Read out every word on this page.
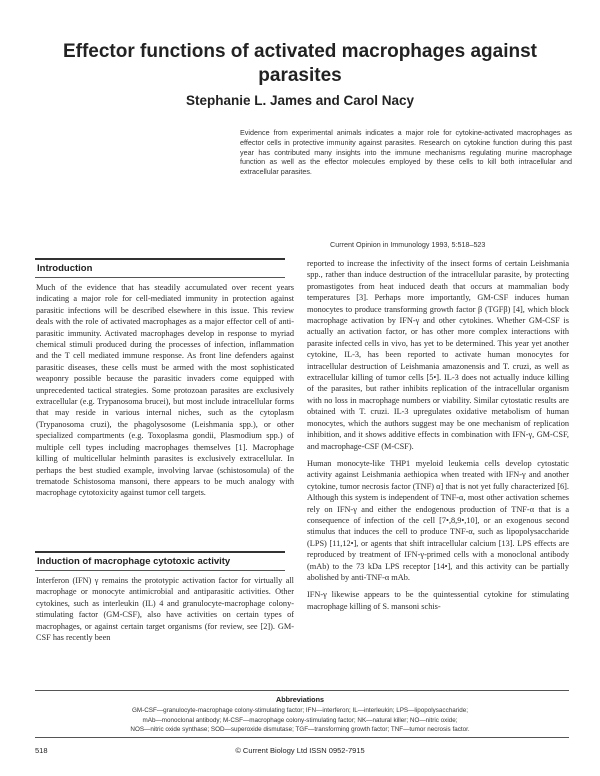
Effector functions of activated macrophages against parasites

Stephanie L. James and Carol Nacy

Evidence from experimental animals indicates a major role for cytokine-activated macrophages as effector cells in protective immunity against parasites. Research on cytokine function during this past year has contributed many insights into the immune mechanisms regulating murine macrophage function as well as the effector molecules employed by these cells to kill both intracellular and extracellular parasites.

Current Opinion in Immunology 1993, 5:518–523
Introduction

Much of the evidence that has steadily accumulated over recent years indicating a major role for cell-mediated immunity in protection against parasitic infections will be described elsewhere in this issue. This review deals with the role of activated macrophages as a major effector cell of anti-parasitic immunity. Activated macrophages develop in response to myriad chemical stimuli produced during the processes of infection, inflammation and the T cell mediated immune response. As front line defenders against parasitic diseases, these cells must be armed with the most sophisticated weaponry possible because the parasitic invaders come equipped with unprecedented tactical strategies. Some protozoan parasites are exclusively extracellular (e.g. Trypanosoma brucei), but most include intracellular forms that may reside in various internal niches, such as the cytoplasm (Trypanosoma cruzi), the phagolysosome (Leishmania spp.), or other specialized compartments (e.g. Toxoplasma gondii, Plasmodium spp.) of multiple cell types including macrophages themselves [1]. Macrophage killing of multicellular helminth parasites is exclusively extracellular. In perhaps the best studied example, involving larvae (schistosomula) of the trematode Schistosoma mansoni, there appears to be much analogy with macrophage cytotoxicity against tumor cell targets.

Induction of macrophage cytotoxic activity

Interferon (IFN) γ remains the prototypic activation factor for virtually all macrophage or monocyte antimicrobial and antiparasitic activities. Other cytokines, such as interleukin (IL) 4 and granulocyte-macrophage colony-stimulating factor (GM-CSF), also have activities on certain types of macrophages, or against certain target organisms (for review, see [2]). GM-CSF has recently been

reported to increase the infectivity of the insect forms of certain Leishmania spp., rather than induce destruction of the intracellular parasite, by protecting promastigotes from heat induced death that occurs at mammalian body temperatures [3]. Perhaps more importantly, GM-CSF induces human monocytes to produce transforming growth factor β (TGFβ) [4], which block macrophage activation by IFN-γ and other cytokines. Whether GM-CSF is actually an activation factor, or has other more complex interactions with parasite infected cells in vivo, has yet to be determined. This year yet another cytokine, IL-3, has been reported to activate human monocytes for intracellular destruction of Leishmania amazonensis and T. cruzi, as well as extracellular killing of tumor cells [5•]. IL-3 does not actually induce killing of the parasites, but rather inhibits replication of the intracellular organism with no loss in macrophage numbers or viability. Similar cytostatic results are obtained with T. cruzi. IL-3 upregulates oxidative metabolism of human monocytes, which the authors suggest may be one mechanism of replication inhibition, and it shows additive effects in combination with IFN-γ, GM-CSF, and macrophage-CSF (M-CSF).

Human monocyte-like THP1 myeloid leukemia cells develop cytostatic activity against Leishmania aethiopica when treated with IFN-γ and another cytokine, tumor necrosis factor (TNF) α] that is not yet fully characterized [6]. Although this system is independent of TNF-α, most other activation schemes rely on IFN-γ and either the endogenous production of TNF-α that is a consequence of infection of the cell [7•,8,9•,10], or an exogenous second stimulus that induces the cell to produce TNF-α, such as lipopolysaccharide (LPS) [11,12•], or agents that shift intracellular calcium [13]. LPS effects are reproduced by treatment of IFN-γ-primed cells with a monoclonal antibody (mAb) to the 73 kDa LPS receptor [14•], and this activity can be partially abolished by anti-TNF-α mAb.

IFN-γ likewise appears to be the quintessential cytokine for stimulating macrophage killing of S. mansoni schis-

Abbreviations

GM-CSF—granulocyte-macrophage colony-stimulating factor; IFN—interferon; IL—interleukin; LPS—lipopolysaccharide;
mAb—monoclonal antibody; M-CSF—macrophage colony-stimulating factor; NK—natural killer; NO—nitric oxide;
NOS—nitric oxide synthase; SOD—superoxide dismutase; TGF—transforming growth factor; TNF—tumor necrosis factor.
518	© Current Biology Ltd ISSN 0952-7915
